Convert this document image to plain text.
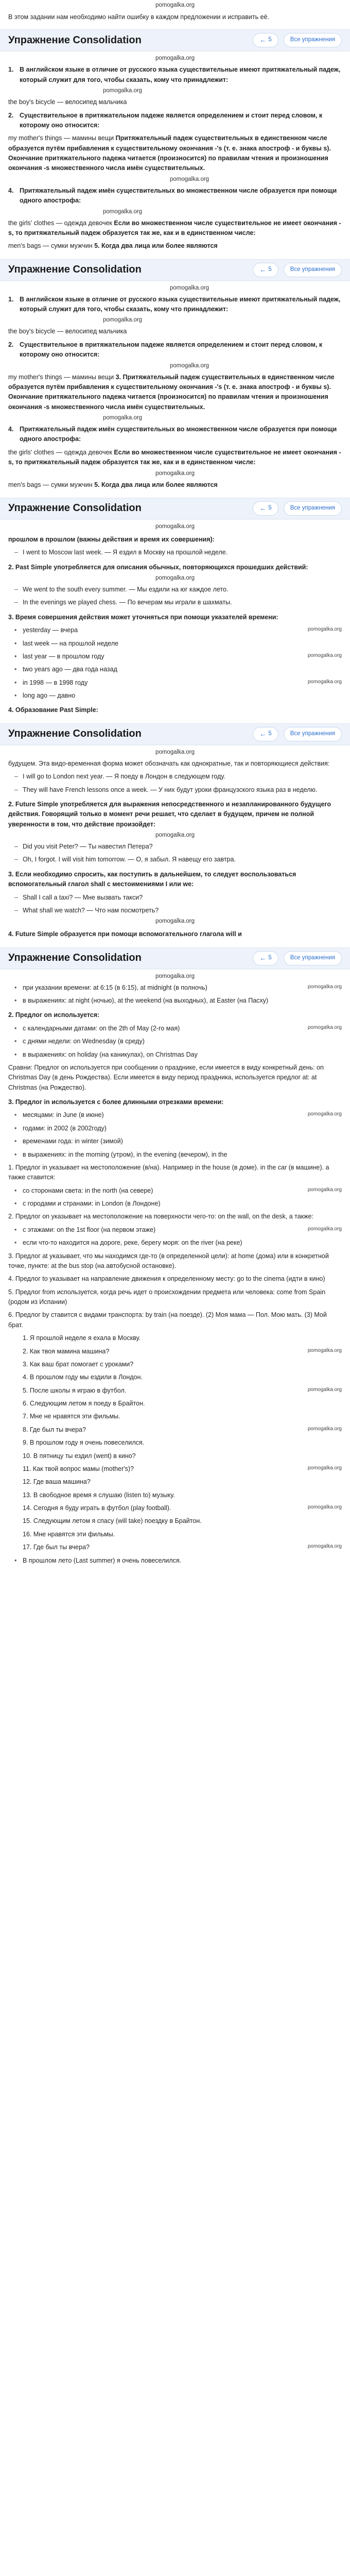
pomogalka.org

В этом задании нам необходимо найти ошибку в каждом предложении и исправить её.

Упражнение Consolidation	← 5	Все упражнения
pomogalka.org
1. В английском языке в отличие от русского языка существительные имеют притяжательный падеж, который служит для того, чтобы сказать, кому что принадлежит:
pomogalka.org
the boy's bicycle — велосипед мальчика
2. Существительное в притяжательном падеже является определением и стоит перед словом, к которому оно относится:
my mother's things — мамины вещи Притяжательный падеж существительных в единственном числе образуется путём прибавления к существительному окончания -'s (т. е. знака апостроф - и буквы s). Окончание притяжательного падежа читается (произносится) по правилам чтения и произношения окончания -s множественного числа имён существительных.
pomogalka.org
4. Притяжательный падеж имён существительных во множественном числе образуется при помощи одного апострофа:
pomogalka.org
the girls' clothes — одежда девочек Если во множественном числе существительное не имеет окончания -s, то притяжательный падеж образуется так же, как и в единственном числе:
men's bags — сумки мужчин 5. Когда два лица или более являются
Упражнение Consolidation	← 5	Все упражнения
pomogalka.org
1. В английском языке в отличие от русского языка существительные имеют притяжательный падеж, который служит для того, чтобы сказать, кому что принадлежит:
pomogalka.org
the boy's bicycle — велосипед мальчика
2. Существительное в притяжательном падеже является определением и стоит перед словом, к которому оно относится:
pomogalka.org
my mother's things — мамины вещи 3. Притяжательный падеж существительных в единственном числе образуется путём прибавления к существительному окончания -'s (т. е. знака апостроф - и буквы s). Окончание притяжательного падежа читается (произносится) по правилам чтения и произношения окончания -s множественного числа имён существительных.
pomogalka.org
4. Притяжательный падеж имён существительных во множественном числе образуется при помощи одного апострофа:
the girls' clothes — одежда девочек Если во множественном числе существительное не имеет окончания -s, то притяжательный падеж образуется так же, как и в единственном числе:
pomogalka.org
men's bags — сумки мужчин 5. Когда два лица или более являются
Упражнение Consolidation	← 5	Все упражнения
pomogalka.org
прошлом в прошлом (важны действия и время их совершения):
– I went to Moscow last week. — Я ездил в Москву на прошлой неделе.
2. Past Simple употребляется для описания обычных, повторяющихся прошедших действий:
pomogalka.org
– We went to the south every summer. — Мы ездили на юг каждое лето.
– In the evenings we played chess. — По вечерам мы играли в шахматы.
3. Время совершения действия может уточняться при помощи указателей времени:
• yesterday — вчера	pomogalka.org
• last week — на прошлой неделе
• last year — в прошлом году	pomogalka.org
• two years ago — два года назад
• in 1998 — в 1998 году	pomogalka.org
• long ago — давно
4. Образование Past Simple:
Упражнение Consolidation	← 5	Все упражнения
pomogalka.org
будущем. Эта видо-временная форма может обозначать как однократные, так и повторяющиеся действия:
– I will go to London next year. — Я поеду в Лондон в следующем году.
– They will have French lessons once a week. — У них будут уроки французского языка раз в неделю.
2. Future Simple употребляется для выражения непосредственного и незапланированного будущего действия. Говорящий только в момент речи решает, что сделает в будущем, причем не полной уверенности в том, что действие произойдет:
pomogalka.org
– Did you visit Peter? — Ты навестил Петера?
– Oh, I forgot. I will visit him tomorrow. — О, я забыл. Я навещу его завтра.
3. Если необходимо спросить, как поступить в дальнейшем, то следует воспользоваться вспомогательный глагол shall с местоимениями I или we:
– Shall I call a taxi? — Мне вызвать такси?
– What shall we watch? — Что нам посмотреть?
pomogalka.org
4. Future Simple образуется при помощи вспомогательного глагола will и
Упражнение Consolidation	← 5	Все упражнения
pomogalka.org
• при указании времени: at 6:15 (в 6:15), at midnight (в полночь)	pomogalka.org
• в выражениях: at night (ночью), at the weekend (на выходных), at Easter (на Пасху)
2. Предлог on используется:
• с календарными датами: on the 2th of May (2-го мая)	pomogalka.org
• с днями недели: on Wednesday (в среду)
• в выражениях: on holiday (на каникулах), on Christmas Day
Сравни: Предлог on используется при сообщении о празднике, если имеется в виду конкретный день: on Christmas Day (в день Рождества). Если имеется в виду период праздника, используется предлог at: at Christmas (на Рождество).
3. Предлог in используется с более длинными отрезками времени:
• месяцами: in June (в июне)	pomogalka.org
• годами: in 2002 (в 2002году)
• временами года: in winter (зимой)
• в выражениях: in the morning (утром), in the evening (вечером), in the
1. Предлог in указывает на местоположение (в/на). Например in the house (в доме). in the car (в машине). а также ставится:
• со сторонами света: in the north (на севере)	pomogalka.org
• с городами и странами: in London (в Лондоне)
2. Предлог on указывает на местоположение на поверхности чего-то: on the wall, on the desk, а также:
• с этажами: on the 1st floor (на первом этаже)	pomogalka.org
• если что-то находится на дороге, реке, берегу моря: on the river (на реке)
3. Предлог at указывает, что мы находимся где-то (в определенной цели): at home (дома) или в конкретной точке, пункте: at the bus stop (на автобусной остановке).
4. Предлог to указывает на направление движения к определенному месту: go to the cinema (идти в кино)
5. Предлог from используется, когда речь идет о происхождении предмета или человека: come from Spain (родом из Испании)
6. Предлог by ставится с видами транспорта: by train (на поезде). (2) Моя мама — Пол. Мою мать. (3) Мой брат.
1. Я прошлой неделе я ехала в Москву.
2. Как твоя мамина машина?	pomogalka.org
3. Как ваш брат помогает с уроками?
4. В прошлом году мы ездили в Лондон.
5. После школы я играю в футбол.	pomogalka.org
6. Следующим летом я поеду в Брайтон.
7. Мне не нравятся эти фильмы.
8. Где был ты вчера?	pomogalka.org
9. В прошлом году я очень повеселился.
10. В пятницу ты ездил (went) в кино?
11. Как твой вопрос мамы (mother's)?	pomogalka.org
12. Где ваша машина?
13. В свободное время я слушаю (listen to) музыку.
14. Сегодня я буду играть в футбол (play football).	pomogalka.org
15. Следующим летом я спасу (will take) поездку в Брайтон.
16. Мне нравятся эти фильмы.
17. Где был ты вчера?	pomogalka.org
• В прошлом лето (Last summer) я очень повеселился.
